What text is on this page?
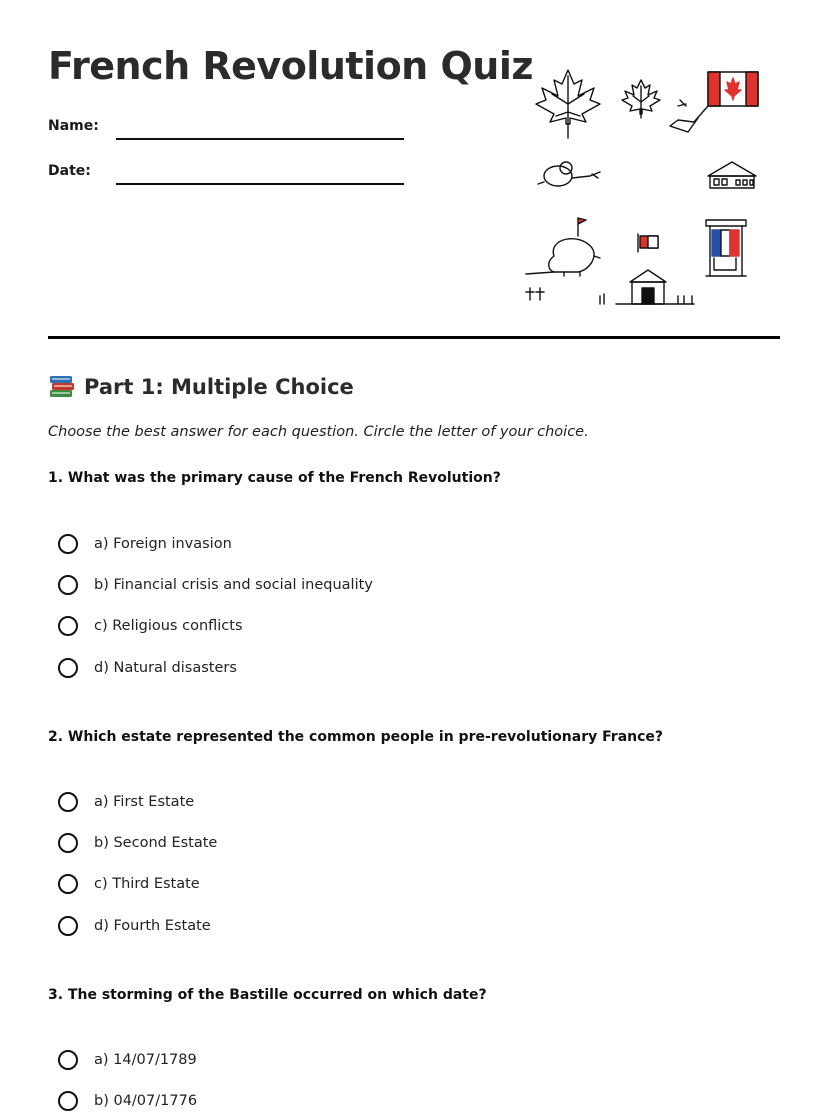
French Revolution Quiz
Name:
Date:
Part 1: Multiple Choice

Choose the best answer for each question. Circle the letter of your choice.

1. What was the primary cause of the French Revolution?
a) Foreign invasion
b) Financial crisis and social inequality
c) Religious conflicts
d) Natural disasters
2. Which estate represented the common people in pre-revolutionary France?
a) First Estate
b) Second Estate
c) Third Estate
d) Fourth Estate
3. The storming of the Bastille occurred on which date?
a) 14/07/1789
b) 04/07/1776
